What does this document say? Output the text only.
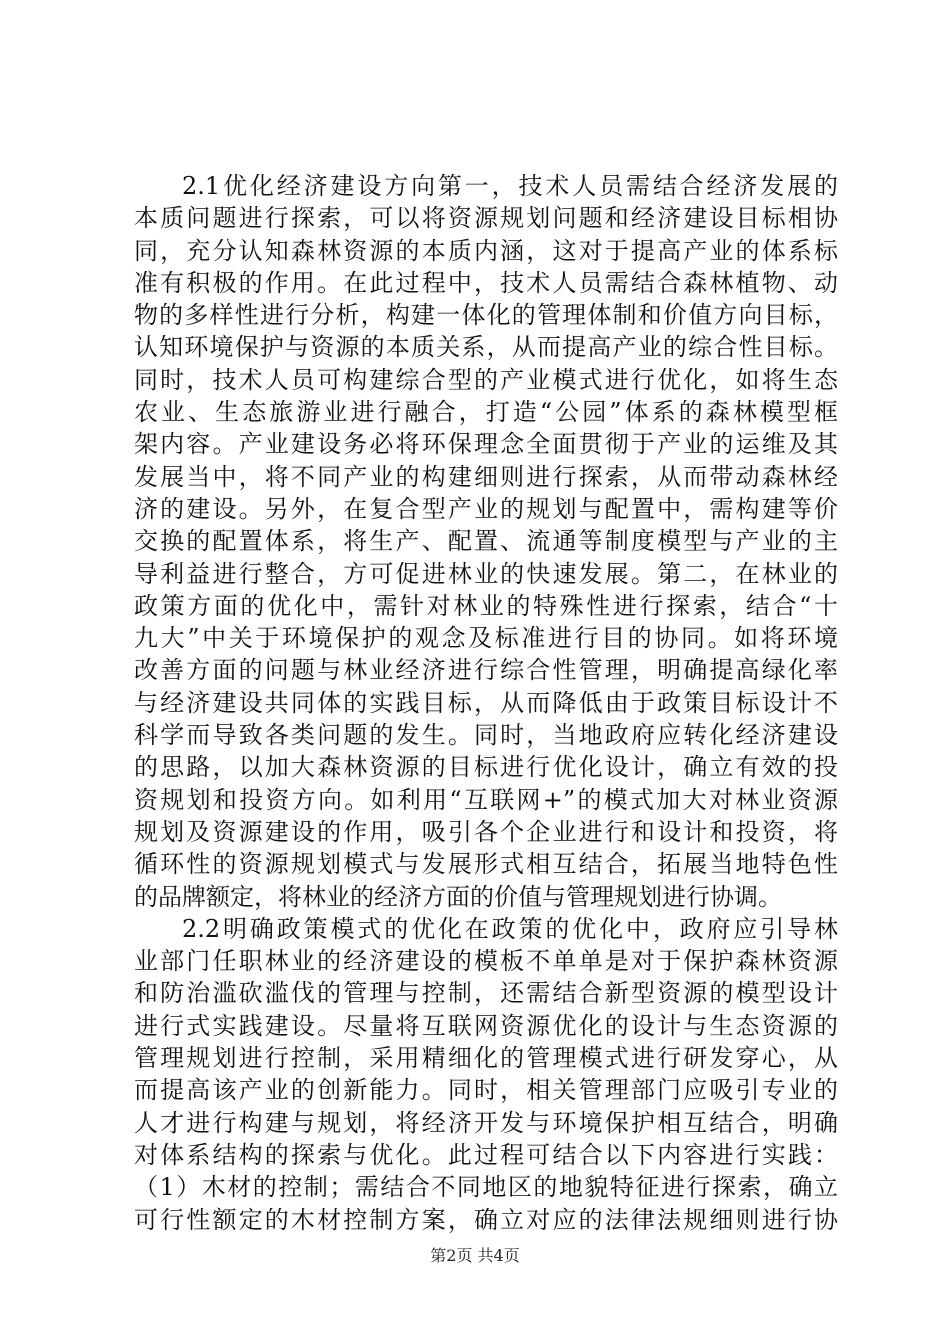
2.1优化经济建设方向第一，技术人员需结合经济发展的
本质问题进行探索，可以将资源规划问题和经济建设目标相协
同，充分认知森林资源的本质内涵，这对于提高产业的体系标
准有积极的作用。在此过程中，技术人员需结合森林植物、动
物的多样性进行分析，构建一体化的管理体制和价值方向目标，
认知环境保护与资源的本质关系，从而提高产业的综合性目标。
同时，技术人员可构建综合型的产业模式进行优化，如将生态
农业、生态旅游业进行融合，打造“公园”体系的森林模型框
架内容。产业建设务必将环保理念全面贯彻于产业的运维及其
发展当中，将不同产业的构建细则进行探索，从而带动森林经
济的建设。另外，在复合型产业的规划与配置中，需构建等价
交换的配置体系，将生产、配置、流通等制度模型与产业的主
导利益进行整合，方可促进林业的快速发展。第二，在林业的
政策方面的优化中，需针对林业的特殊性进行探索，结合“十
九大”中关于环境保护的观念及标准进行目的协同。如将环境
改善方面的问题与林业经济进行综合性管理，明确提高绿化率
与经济建设共同体的实践目标，从而降低由于政策目标设计不
科学而导致各类问题的发生。同时，当地政府应转化经济建设
的思路，以加大森林资源的目标进行优化设计，确立有效的投
资规划和投资方向。如利用“互联网+”的模式加大对林业资源
规划及资源建设的作用，吸引各个企业进行和设计和投资，将
循环性的资源规划模式与发展形式相互结合，拓展当地特色性
的品牌额定，将林业的经济方面的价值与管理规划进行协调。
2.2明确政策模式的优化在政策的优化中，政府应引导林
业部门任职林业的经济建设的模板不单单是对于保护森林资源
和防治滥砍滥伐的管理与控制，还需结合新型资源的模型设计
进行式实践建设。尽量将互联网资源优化的设计与生态资源的
管理规划进行控制，采用精细化的管理模式进行研发穿心，从
而提高该产业的创新能力。同时，相关管理部门应吸引专业的
人才进行构建与规划，将经济开发与环境保护相互结合，明确
对体系结构的探索与优化。此过程可结合以下内容进行实践：
（1）木材的控制；需结合不同地区的地貌特征进行探索，确立
可行性额定的木材控制方案，确立对应的法律法规细则进行协
第2页 共4页
